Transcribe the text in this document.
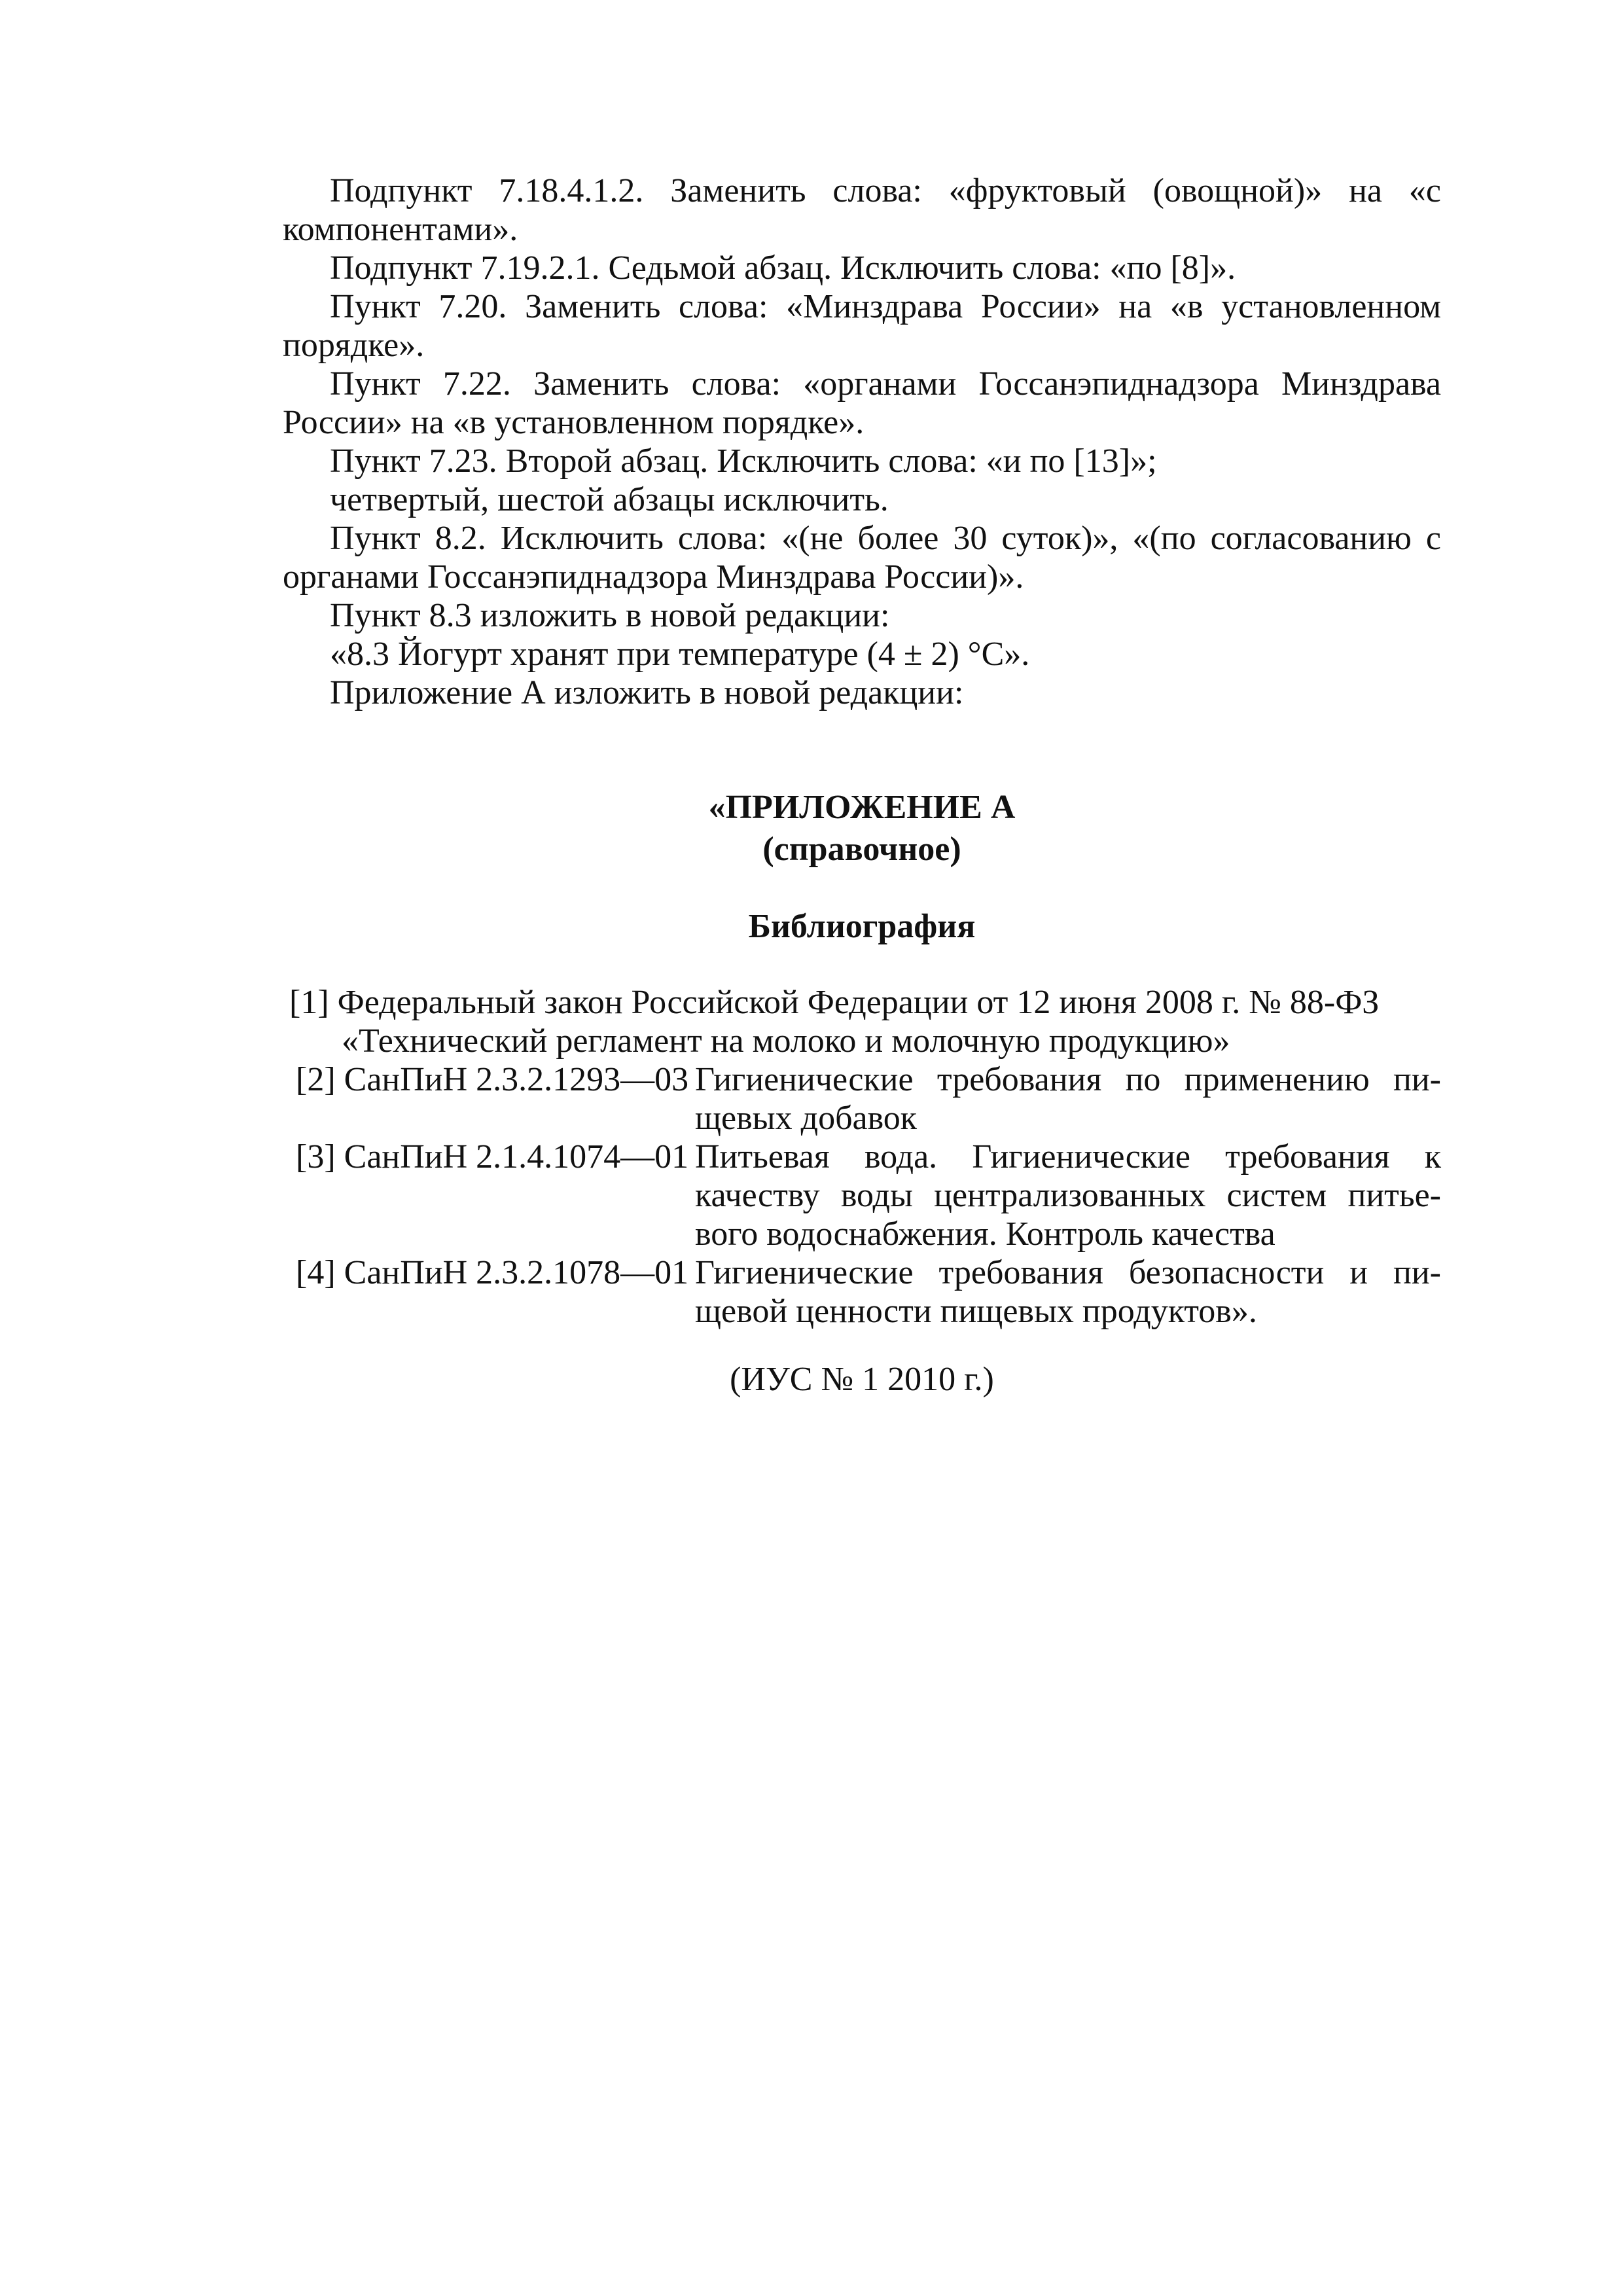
Подпункт 7.18.4.1.2. Заменить слова: «фруктовый (овощной)» на «с компонентами».

Подпункт 7.19.2.1. Седьмой абзац. Исключить слова: «по [8]».

Пункт 7.20. Заменить слова: «Минздрава России» на «в установленном порядке».

Пункт 7.22. Заменить слова: «органами Госсанэпиднадзора Минздрава России» на «в установленном порядке».

Пункт 7.23. Второй абзац. Исключить слова: «и по [13]»;

четвертый, шестой абзацы исключить.

Пункт 8.2. Исключить слова: «(не более 30 суток)», «(по согласованию с органами Госсанэпиднадзора Минздрава России)».

Пункт 8.3 изложить в новой редакции:

«8.3 Йогурт хранят при температуре (4 ± 2) °С».

Приложение А изложить в новой редакции:

«ПРИЛОЖЕНИЕ А
(справочное)
Библиография
[1] Федеральный закон Российской Федерации от 12 июня 2008 г. № 88-ФЗ
«Технический регламент на молоко и молочную продукцию»
[2] СанПиН 2.3.2.1293—03 Гигиенические требования по применению пищевых добавок
[3] СанПиН 2.1.4.1074—01 Питьевая вода. Гигиенические требования к качеству воды централизованных систем питьевого водоснабжения. Контроль качества
[4] СанПиН 2.3.2.1078—01 Гигиенические требования безопасности и пищевой ценности пищевых продуктов».
(ИУС № 1 2010 г.)
